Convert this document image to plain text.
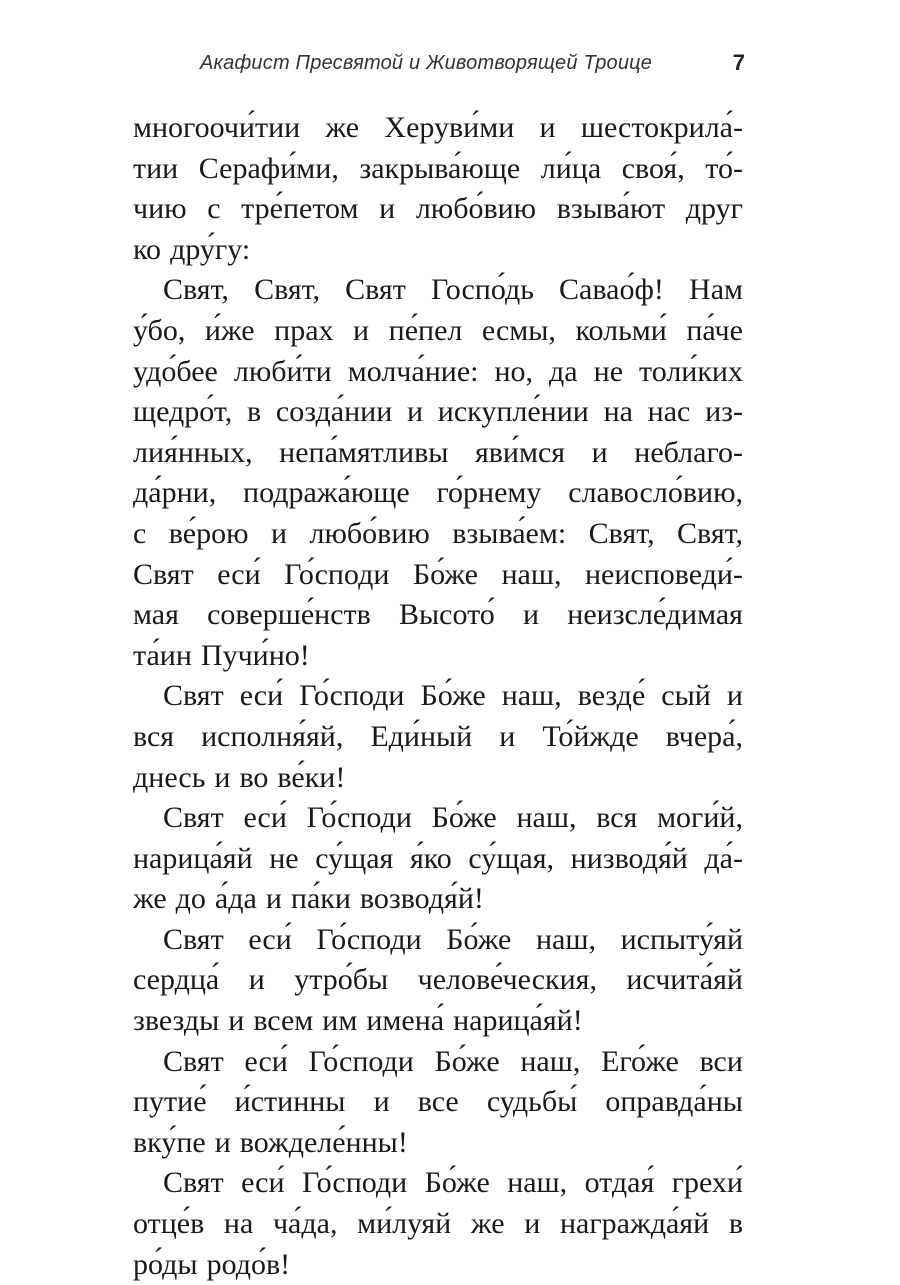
Акафист Пресвятой и Животворящей Троице	7
многоочи́тии же Херуви́ми и шестокрила́-
тии Серафи́ми, закрыва́юще ли́ца своя́, то́-
чию с тре́петом и любо́вию взыва́ют друг
ко дру́гу:
Свят, Свят, Свят Госпо́дь Савао́ф! Нам
у́бо, и́же прах и пе́пел есмы, кольми́ па́че
удо́бее люби́ти молча́ние: но, да не толи́ких
щедро́т, в созда́нии и искупле́нии на нас из-
лия́нных, непа́мятливы яви́мся и неблаго-
да́рни, подража́юще го́рнему славосло́вию,
с ве́рою и любо́вию взыва́ем: Свят, Свят,
Свят еси́ Го́споди Бо́же наш, неисповеди́-
мая соверше́нств Высото́ и неизсле́димая
та́ин Пучи́но!
Свят еси́ Го́споди Бо́же наш, везде́ сый и
вся исполня́яй, Еди́ный и То́йжде вчера́,
днесь и во ве́ки!
Свят еси́ Го́споди Бо́же наш, вся моги́й,
нарица́яй не су́щая я́ко су́щая, низводя́й да́-
же до а́да и па́ки возводя́й!
Свят еси́ Го́споди Бо́же наш, испыту́яй
сердца́ и утро́бы челове́ческия, исчита́яй
звезды и всем им имена́ нарица́яй!
Свят еси́ Го́споди Бо́же наш, Его́же вси
путие́ и́стинны и все судьбы́ оправда́ны
вку́пе и вожделе́нны!
Свят еси́ Го́споди Бо́же наш, отдая́ грехи́
отце́в на ча́да, ми́луяй же и награжда́яй в
ро́ды родо́в!
